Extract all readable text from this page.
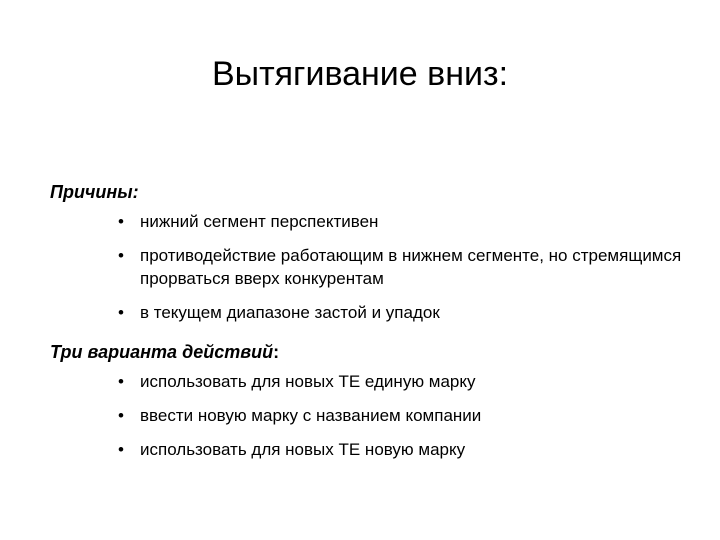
Вытягивание вниз:

Причины:

• нижний сегмент перспективен
• противодействие работающим в нижнем сегменте, но стремящимся прорваться вверх конкурентам
• в текущем диапазоне застой и упадок

Три варианта действий:

• использовать для новых ТЕ единую марку
• ввести новую марку с названием компании
• использовать для новых ТЕ новую марку
